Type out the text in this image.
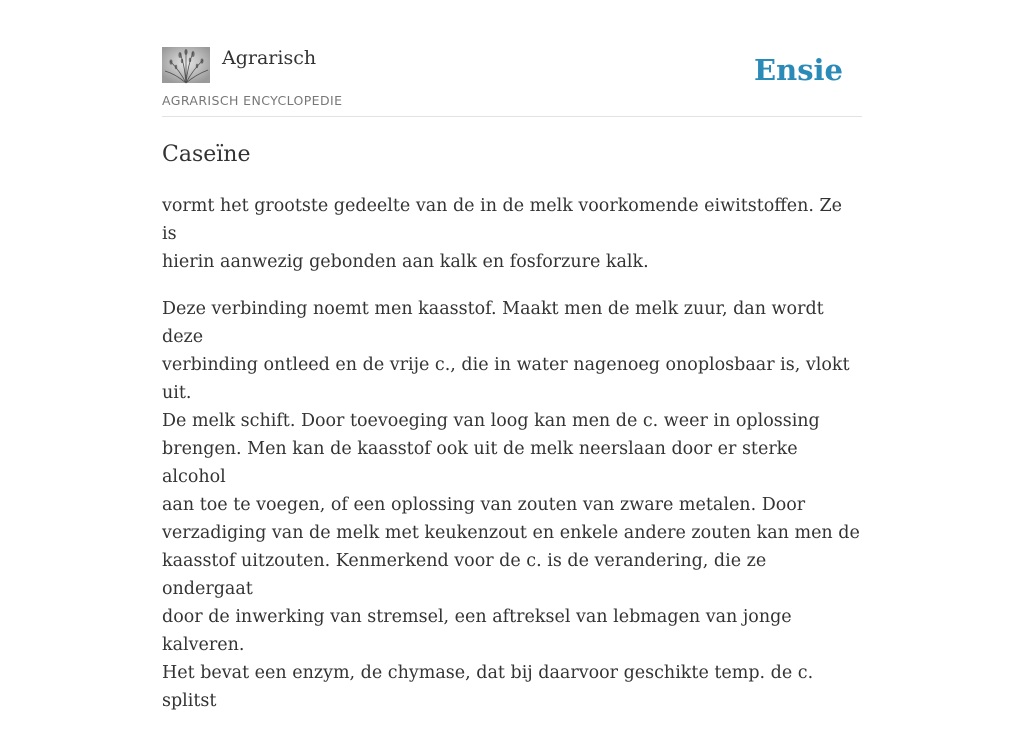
Agrarisch
AGRARISCH ENCYCLOPEDIE
Ensie
Caseïne

vormt het grootste gedeelte van de in de melk voorkomende eiwitstoffen. Ze is
hierin aanwezig gebonden aan kalk en fosforzure kalk.

Deze verbinding noemt men kaasstof. Maakt men de melk zuur, dan wordt deze
verbinding ontleed en de vrije c., die in water nagenoeg onoplosbaar is, vlokt uit.
De melk schift. Door toevoeging van loog kan men de c. weer in oplossing
brengen. Men kan de kaasstof ook uit de melk neerslaan door er sterke alcohol
aan toe te voegen, of een oplossing van zouten van zware metalen. Door
verzadiging van de melk met keukenzout en enkele andere zouten kan men de
kaasstof uitzouten. Kenmerkend voor de c. is de verandering, die ze ondergaat
door de inwerking van stremsel, een aftreksel van lebmagen van jonge kalveren.
Het bevat een enzym, de chymase, dat bij daarvoor geschikte temp. de c. splitst
